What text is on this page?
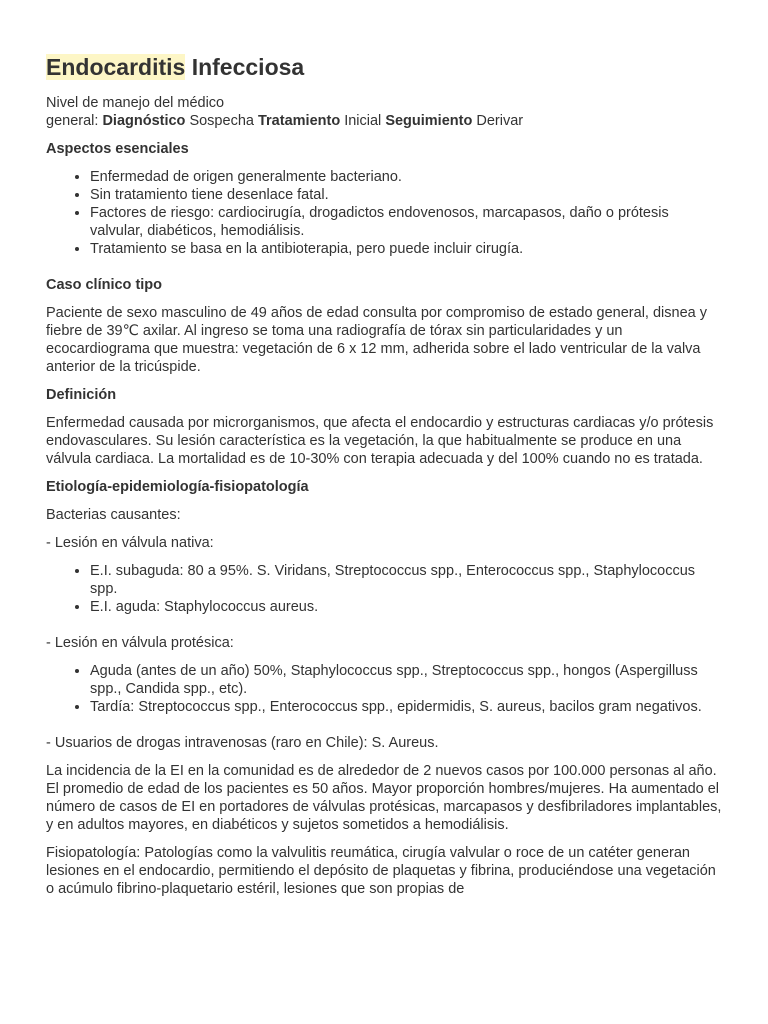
Endocarditis Infecciosa
Nivel de manejo del médico
general: Diagnóstico Sospecha Tratamiento Inicial Seguimiento Derivar
Aspectos esenciales
• Enfermedad de origen generalmente bacteriano.
• Sin tratamiento tiene desenlace fatal.
• Factores de riesgo: cardiocirugía, drogadictos endovenosos, marcapasos, daño o prótesis valvular, diabéticos, hemodiálisis.
• Tratamiento se basa en la antibioterapia, pero puede incluir cirugía.
Caso clínico tipo

Paciente de sexo masculino de 49 años de edad consulta por compromiso de estado general, disnea y fiebre de 39℃ axilar. Al ingreso se toma una radiografía de tórax sin particularidades y un ecocardiograma que muestra: vegetación de 6 x 12 mm, adherida sobre el lado ventricular de la valva anterior de la tricúspide.

Definición

Enfermedad causada por microrganismos, que afecta el endocardio y estructuras cardiacas y/o prótesis endovasculares. Su lesión característica es la vegetación, la que habitualmente se produce en una válvula cardiaca. La mortalidad es de 10-30% con terapia adecuada y del 100% cuando no es tratada.

Etiología-epidemiología-fisiopatología

Bacterias causantes:

- Lesión en válvula nativa:

• E.I. subaguda: 80 a 95%. S. Viridans, Streptococcus spp., Enterococcus spp., Staphylococcus spp.
• E.I. aguda: Staphylococcus aureus.

- Lesión en válvula protésica:

• Aguda (antes de un año) 50%, Staphylococcus spp., Streptococcus spp., hongos (Aspergilluss spp., Candida spp., etc).
• Tardía: Streptococcus spp., Enterococcus spp., epidermidis, S. aureus, bacilos gram negativos.

- Usuarios de drogas intravenosas (raro en Chile): S. Aureus.

La incidencia de la EI en la comunidad es de alrededor de 2 nuevos casos por 100.000 personas al año. El promedio de edad de los pacientes es 50 años. Mayor proporción hombres/mujeres. Ha aumentado el número de casos de EI en portadores de válvulas protésicas, marcapasos y desfibriladores implantables, y en adultos mayores, en diabéticos y sujetos sometidos a hemodiálisis.

Fisiopatología: Patologías como la valvulitis reumática, cirugía valvular o roce de un catéter generan lesiones en el endocardio, permitiendo el depósito de plaquetas y fibrina, produciéndose una vegetación o acúmulo fibrino-plaquetario estéril, lesiones que son propias de
